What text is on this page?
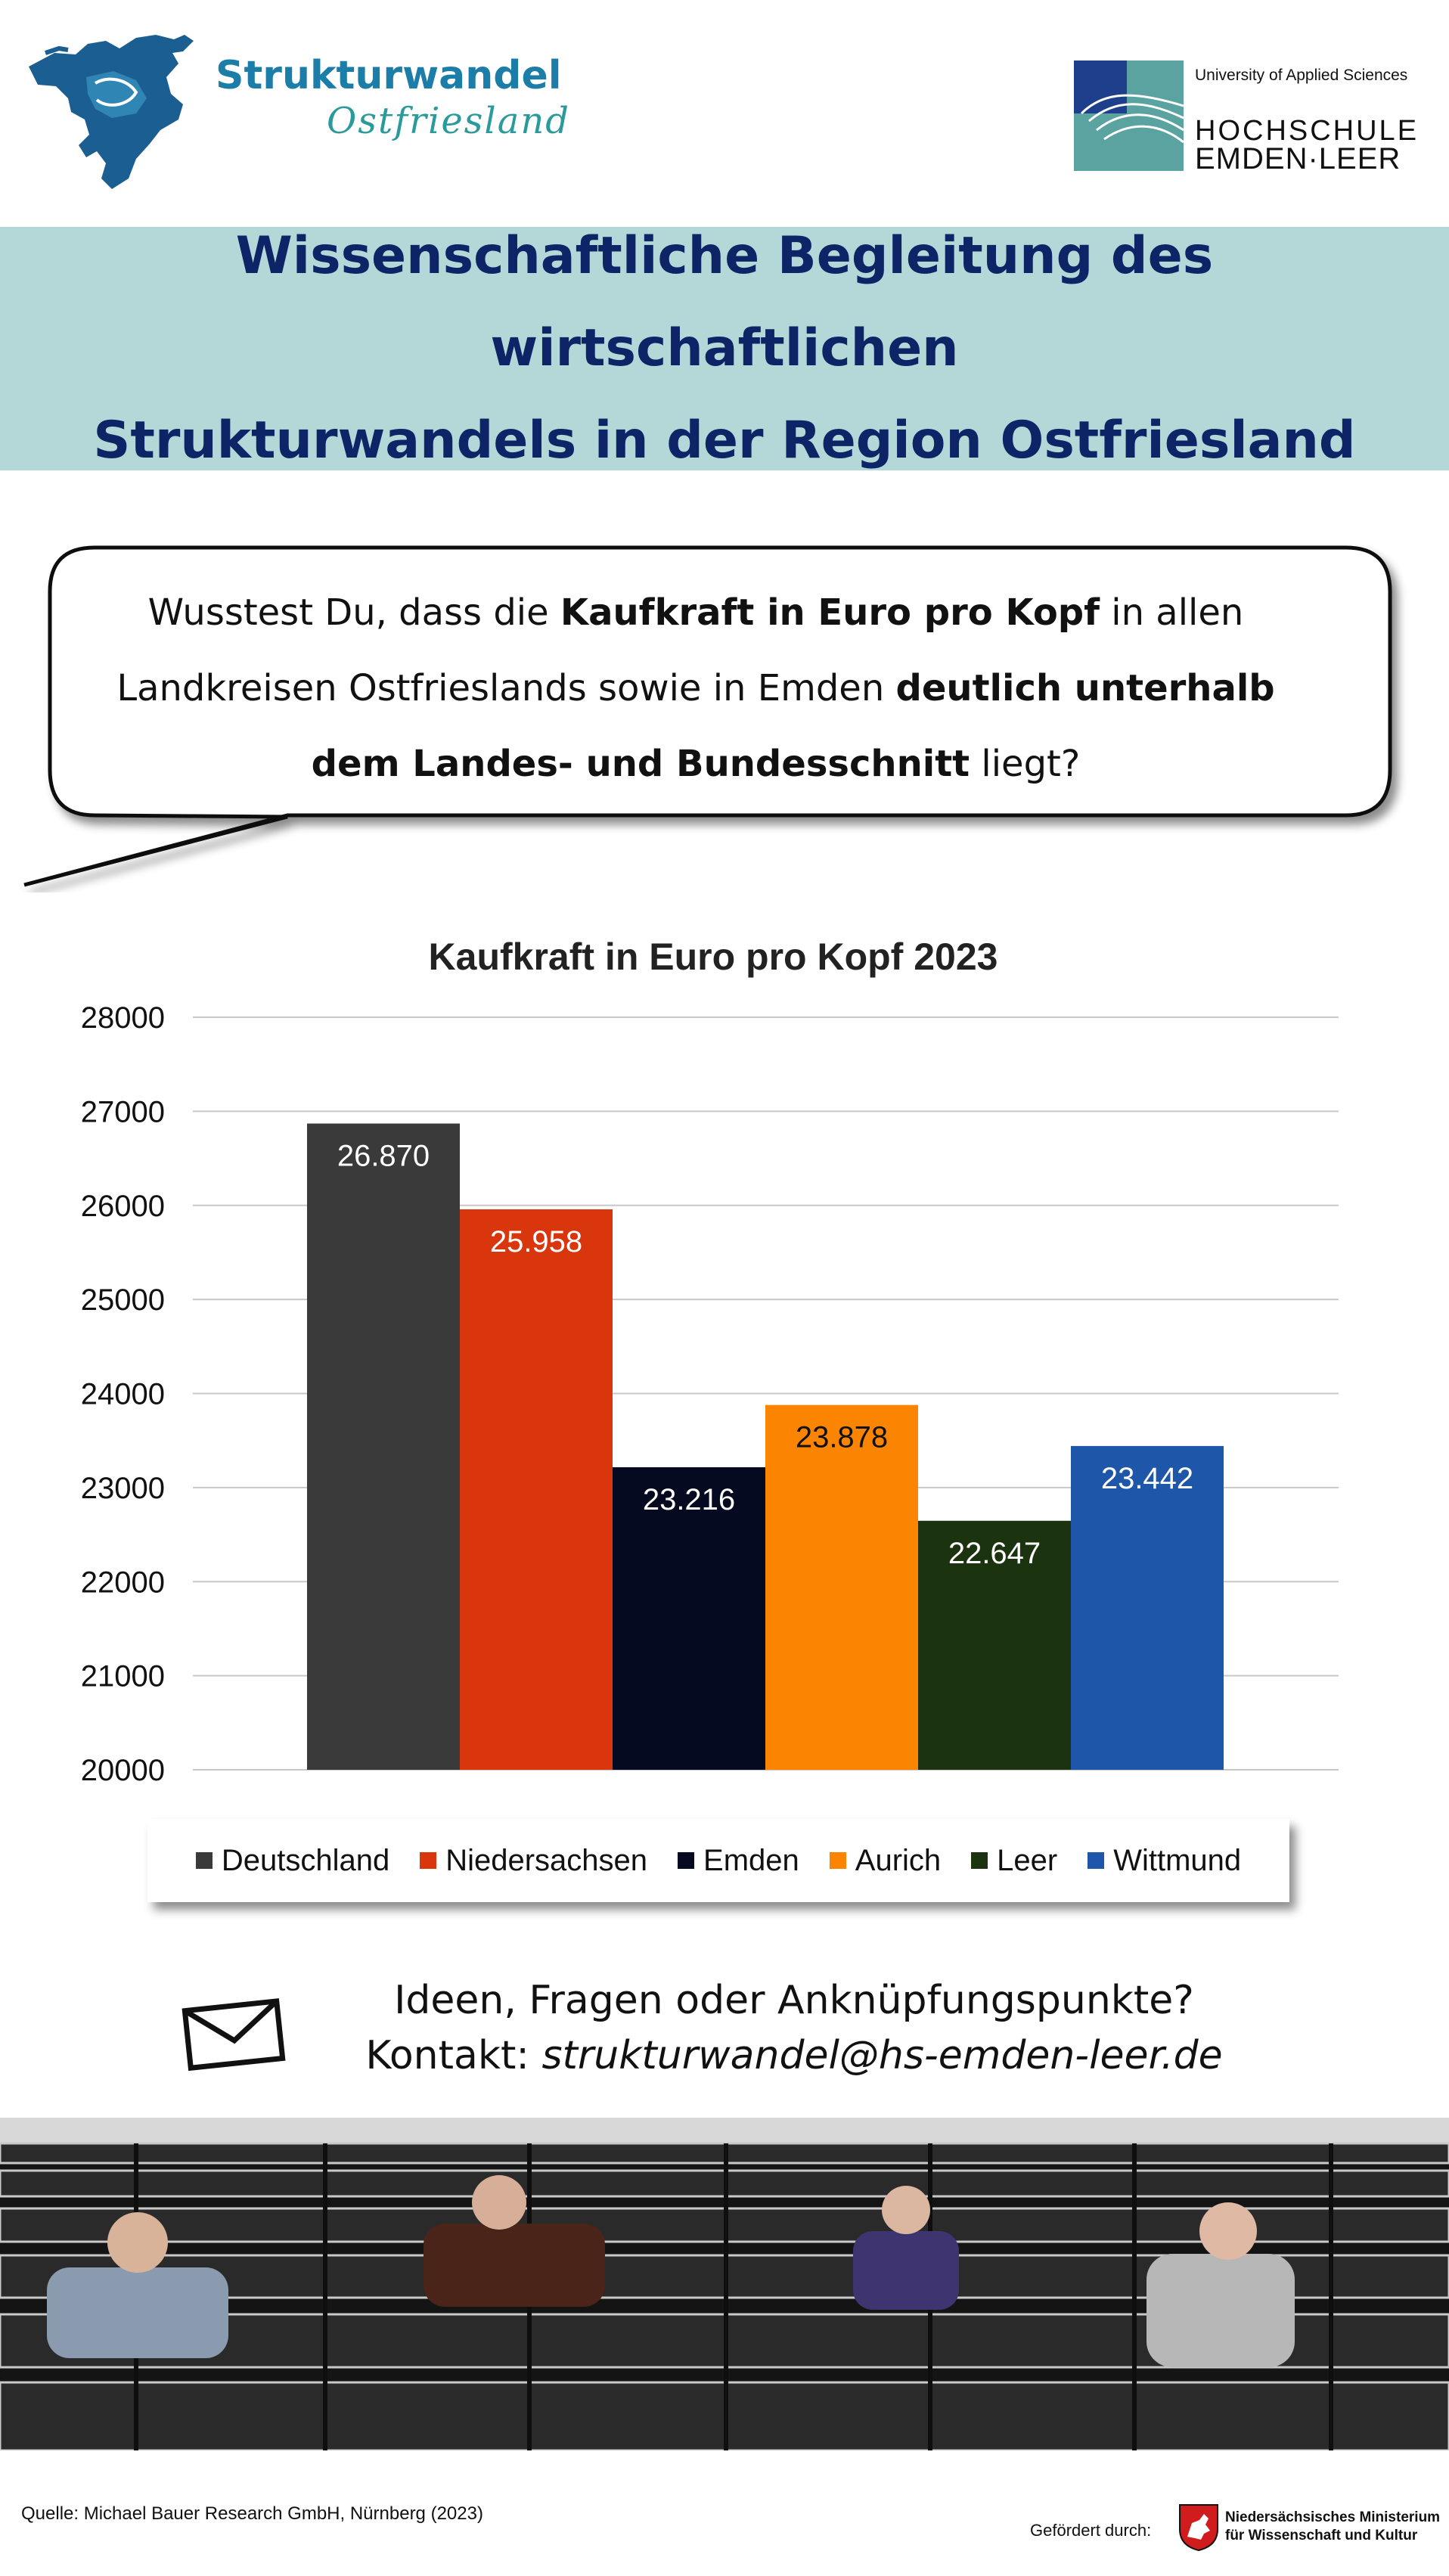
Strukturwandel
Ostfriesland
University of Applied Sciences
HOCHSCHULE
EMDEN·LEER
Wissenschaftliche Begleitung des wirtschaftlichen
Strukturwandels in der Region Ostfriesland
Wusstest Du, dass die Kaufkraft in Euro pro Kopf in allen
Landkreisen Ostfrieslands sowie in Emden deutlich unterhalb
dem Landes- und Bundesschnitt liegt?
Kaufkraft in Euro pro Kopf 2023
20000
21000
22000
23000
24000
25000
26000
27000
28000
26.870
25.958
23.216
23.878
22.647
23.442
Deutschland Niedersachsen Emden Aurich Leer Wittmund
Ideen, Fragen oder Anknüpfungspunkte?
Kontakt: strukturwandel@hs-emden-leer.de
Quelle: Michael Bauer Research GmbH, Nürnberg (2023)
Gefördert durch:
Niedersächsisches Ministerium
für Wissenschaft und Kultur
